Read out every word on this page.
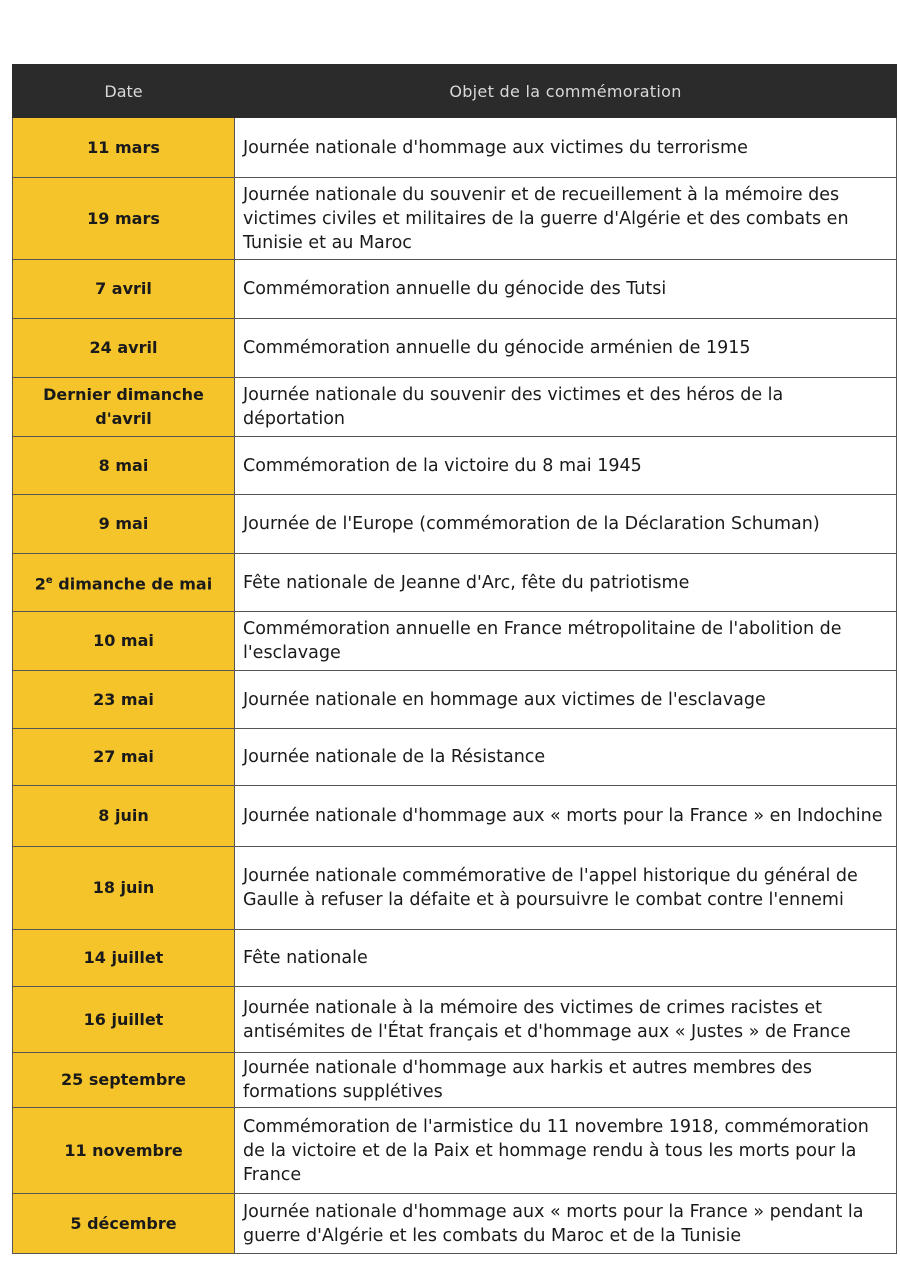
Date	Objet de la commémoration
11 mars	Journée nationale d'hommage aux victimes du terrorisme
19 mars	Journée nationale du souvenir et de recueillement à la mémoire des victimes civiles et militaires de la guerre d'Algérie et des combats en Tunisie et au Maroc
7 avril	Commémoration annuelle du génocide des Tutsi
24 avril	Commémoration annuelle du génocide arménien de 1915
Dernier dimanche d'avril	Journée nationale du souvenir des victimes et des héros de la déportation
8 mai	Commémoration de la victoire du 8 mai 1945
9 mai	Journée de l'Europe (commémoration de la Déclaration Schuman)
2e dimanche de mai	Fête nationale de Jeanne d'Arc, fête du patriotisme
10 mai	Commémoration annuelle en France métropolitaine de l'abolition de l'esclavage
23 mai	Journée nationale en hommage aux victimes de l'esclavage
27 mai	Journée nationale de la Résistance
8 juin	Journée nationale d'hommage aux « morts pour la France » en Indochine
18 juin	Journée nationale commémorative de l'appel historique du général de Gaulle à refuser la défaite et à poursuivre le combat contre l'ennemi
14 juillet	Fête nationale
16 juillet	Journée nationale à la mémoire des victimes de crimes racistes et antisémites de l'État français et d'hommage aux « Justes » de France
25 septembre	Journée nationale d'hommage aux harkis et autres membres des formations supplétives
11 novembre	Commémoration de l'armistice du 11 novembre 1918, commémoration de la victoire et de la Paix et hommage rendu à tous les morts pour la France
5 décembre	Journée nationale d'hommage aux « morts pour la France » pendant la guerre d'Algérie et les combats du Maroc et de la Tunisie
